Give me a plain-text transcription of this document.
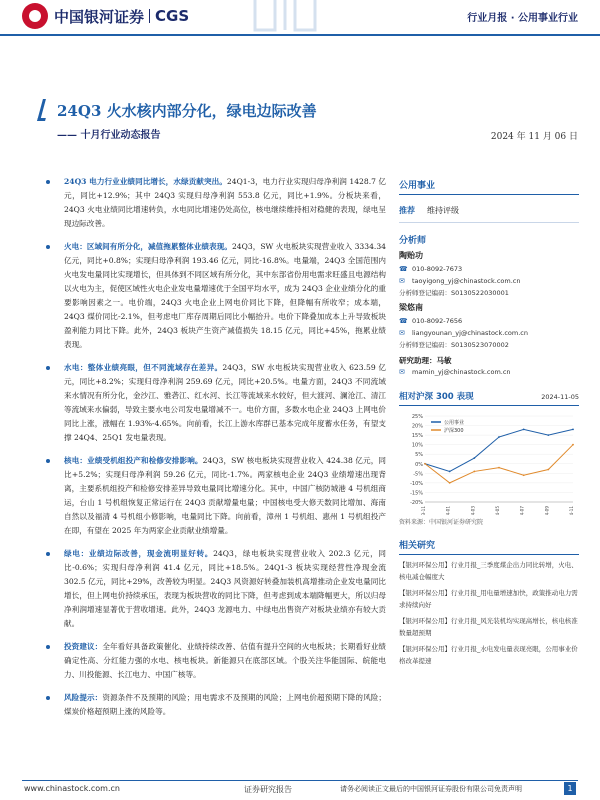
中国银河证券 CGS	行业月报 · 公用事业行业
24Q3 火水核内部分化，绿电边际改善
—— 十月行业动态报告	2024 年 11 月 06 日

24Q3 电力行业业绩同比增长，水绿贡献突出。24Q1-3，电力行业实现归母净利润 1428.7 亿元，同比+12.9%；其中 24Q3 实现归母净利润 553.8 亿元，同比+1.9%。分板块来看，24Q3 火电业绩同比增速转负，水电同比增速仍处高位，核电继续维持相对稳健的表现，绿电呈现边际改善。

火电：区域间有所分化，减值拖累整体业绩表现。24Q3，SW 火电板块实现营业收入 3334.34 亿元，同比+0.8%；实现归母净利润 193.46 亿元，同比-16.8%。电量端，24Q3 全国范围内火电发电量同比实现增长，但具体到不同区域有所分化，其中东部省份用电需求旺盛且电源结构以火电为主，促使区域性火电企业发电量增速优于全国平均水平，成为 24Q3 企业业绩分化的重要影响因素之一。电价端，24Q3 火电企业上网电价同比下降，但降幅有所收窄；成本端，24Q3 煤价同比-2.1%，但考虑电厂库存周期后同比小幅抬升。电价下降叠加成本上升导致板块盈利能力同比下降。此外，24Q3 板块产生资产减值损失 18.15 亿元，同比+45%，拖累业绩表现。

水电：整体业绩亮眼，但不同流域存在差异。24Q3，SW 水电板块实现营业收入 623.59 亿元，同比+8.2%；实现归母净利润 259.69 亿元，同比+20.5%。电量方面，24Q3 不同流域来水情况有所分化，金沙江、雅砻江、红水河、长江等流域来水较好，但大渡河、澜沧江、清江等流域来水偏弱，导致主要水电公司发电量增减不一。电价方面，多数水电企业 24Q3 上网电价同比上涨，涨幅在 1.93%-4.65%。向前看，长江上游水库群已基本完成年度蓄水任务，有望支撑 24Q4、25Q1 发电量表现。

核电：业绩受机组投产和检修安排影响。24Q3，SW 核电板块实现营业收入 424.38 亿元，同比+5.2%；实现归母净利润 59.26 亿元，同比-1.7%。两家核电企业 24Q3 业绩增速出现背离，主要系机组投产和检修安排差异导致电量同比增速分化。其中，中国广核防城港 4 号机组商运，台山 1 号机组恢复正常运行在 24Q3 贡献增量电量；中国核电受大修天数同比增加、海南自然以及福清 4 号机组小修影响，电量同比下降。向前看，漳州 1 号机组、惠州 1 号机组投产在即，有望在 2025 年为两家企业贡献业绩增量。

绿电：业绩边际改善，现金流明显好转。24Q3，绿电板块实现营业收入 202.3 亿元，同比-0.6%；实现归母净利润 41.4 亿元，同比+18.5%。24Q1-3 板块实现经营性净现金流 302.5 亿元，同比+29%，改善较为明显。24Q3 风资源好转叠加装机高增推动企业发电量同比增长，但上网电价持续承压，表现为板块营收的同比下降，但考虑到成本端降幅更大，所以归母净利润增速显著优于营收增速。此外，24Q3 龙源电力、中绿电出售资产对板块业绩亦有较大贡献。

投资建议：全年看好具备政策催化、业绩持续改善、估值有提升空间的火电板块；长期看好业绩确定性高、分红能力强的水电、核电板块。新能源只在底部区域。个股关注华能国际、皖能电力、川投能源、长江电力、中国广核等。

风险提示：资源条件不及预期的风险；用电需求不及预期的风险；上网电价超预期下降的风险；煤炭价格超预期上涨的风险等。

公用事业
推荐 维持评级
分析师
陶贻功
☎ 010-8092-7673
✉	taoyigong_yj@chinastock.com.cn
分析师登记编码：S0130522030001
梁悠南
☎ 010-8092-7656
✉	liangyounan_yj@chinastock.com.cn
分析师登记编码：S0130523070002
研究助理：马敏
✉	mamin_yj@chinastock.com.cn
相对沪深 300 表现	2024-11-05
25%
20%
15%
10%
5%
0%
-5%
-10%
-15%
-20%
2023-11	2024-01	2024-03	2024-05	2024-07	2024-09	2024-11
公用事业
沪深300
资料来源：中国银河证券研究院
相关研究
【银河环保公用】行业月报_三季度煤企出力同比转增，火电、核电减仓幅度大
【银河环保公用】行业月报_用电量增速加快，政策推动电力需求持续向好
【银河环保公用】行业月报_风光装机均实现高增长，核电核准数量超预期
【银河环保公用】行业月报_水电发电量表现亮眼，公用事业价格改革提速
www.chinastock.com.cn	证券研究报告	请务必阅读正文最后的中国银河证券股份有限公司免责声明	1
